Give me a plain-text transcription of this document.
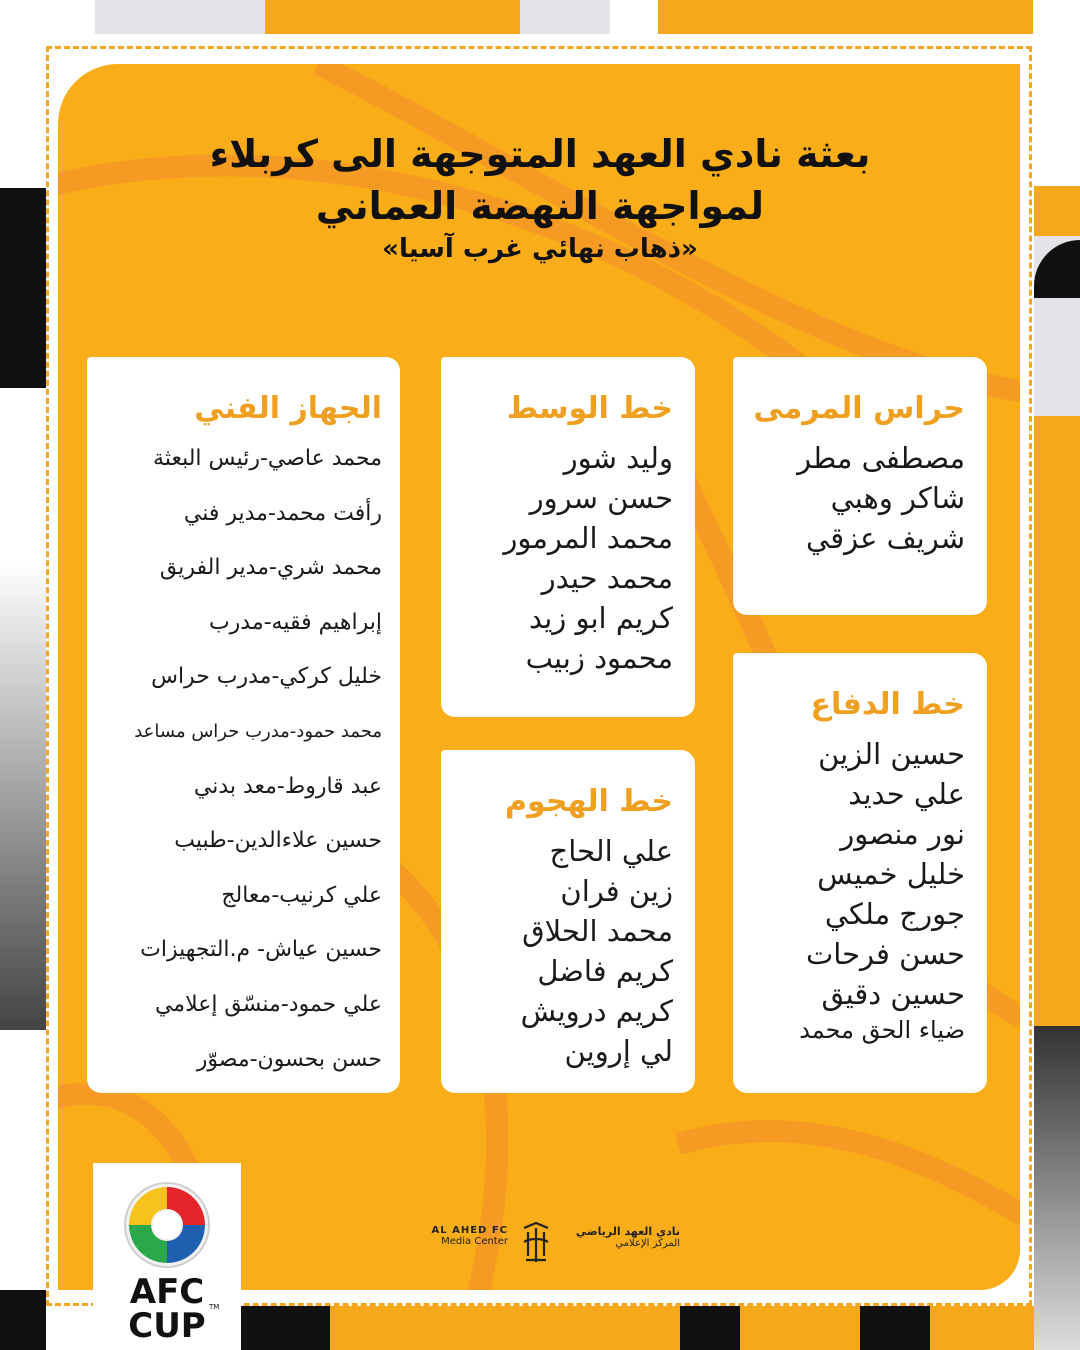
بعثة نادي العهد المتوجهة الى كربلاء
لمواجهة النهضة العماني
«ذهاب نهائي غرب آسيا»
حراس المرمى
مصطفى مطر
شاكر وهبي
شريف عزقي
خط الوسط
وليد شور
حسن سرور
محمد المرمور
محمد حيدر
كريم ابو زيد
محمود زبيب
الجهاز الفني
محمد عاصي-رئيس البعثة
رأفت محمد-مدير فني
محمد شري-مدير الفريق
إبراهيم فقيه-مدرب
خليل كركي-مدرب حراس
محمد حمود-مدرب حراس مساعد
عبد قاروط-معد بدني
حسين علاءالدين-طبيب
علي كرنيب-معالج
حسين عياش- م.التجهيزات
علي حمود-منسّق إعلامي
حسن بحسون-مصوّر
خط الدفاع
حسين الزين
علي حديد
نور منصور
خليل خميس
جورج ملكي
حسن فرحات
حسين دقيق
ضياء الحق محمد
خط الهجوم
علي الحاج
زين فران
محمد الحلاق
كريم فاضل
كريم درويش
لي إروين
AFC
CUP TM
AL AHED FC
Media Center
نادي العهد الرياضي
المركز الإعلامي
